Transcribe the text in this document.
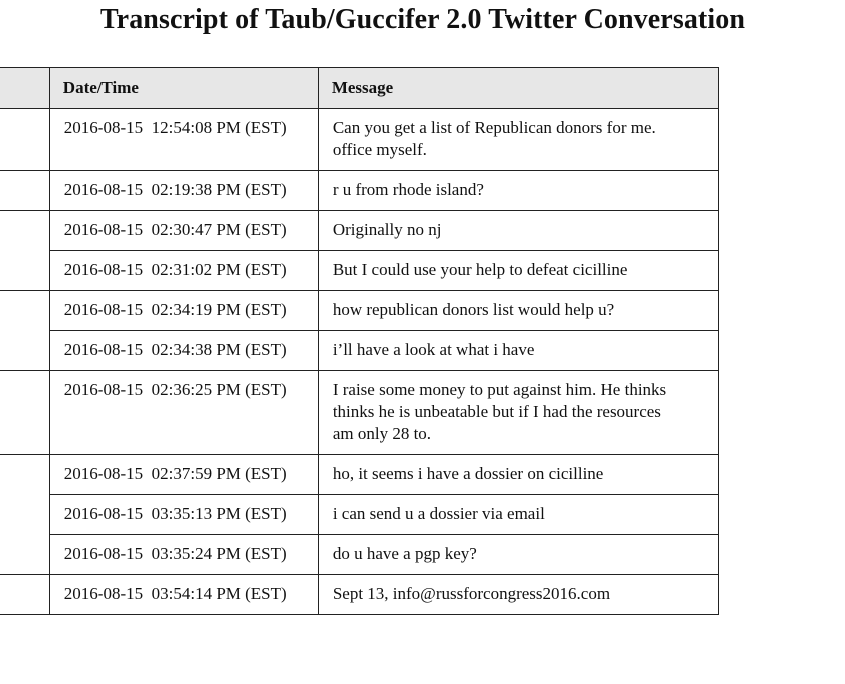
Transcript of Taub/Guccifer 2.0 Twitter Conversation
	Date/Time	Message
	2016-08-15  12:54:08 PM (EST)	Can you get a list of Republican donors for me.
office myself.

	2016-08-15  02:19:38 PM (EST)	r u from rhode island?

	2016-08-15  02:30:47 PM (EST)	Originally no nj

	2016-08-15  02:31:02 PM (EST)	But I could use your help to defeat cicilline

	2016-08-15  02:34:19 PM (EST)	how republican donors list would help u?

	2016-08-15  02:34:38 PM (EST)	i’ll have a look at what i have

	2016-08-15  02:36:25 PM (EST)	I raise some money to put against him. He thinks
thinks he is unbeatable but if I had the resources
am only 28 to.

	2016-08-15  02:37:59 PM (EST)	ho, it seems i have a dossier on cicilline

	2016-08-15  03:35:13 PM (EST)	i can send u a dossier via email

	2016-08-15  03:35:24 PM (EST)	do u have a pgp key?

	2016-08-15  03:54:14 PM (EST)	Sept 13, info@russforcongress2016.com
